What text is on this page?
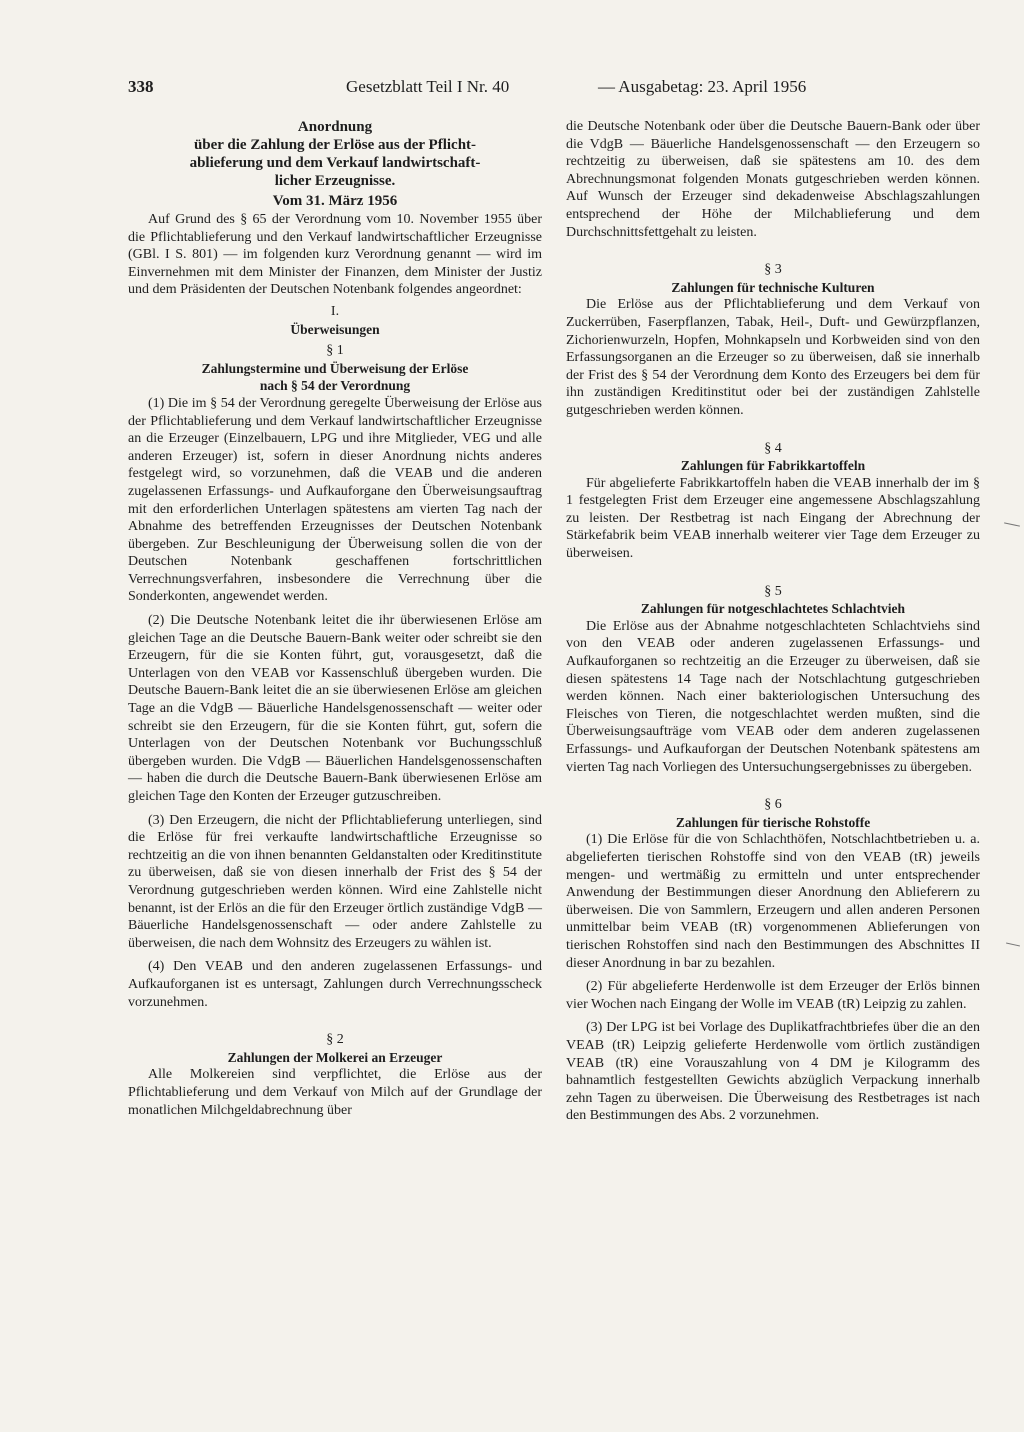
338	Gesetzblatt Teil I Nr. 40	— Ausgabetag: 23. April 1956
Anordnung
über die Zahlung der Erlöse aus der Pflicht-
ablieferung und dem Verkauf landwirtschaft-
licher Erzeugnisse.
Vom 31. März 1956

Auf Grund des § 65 der Verordnung vom 10. November 1955 über die Pflichtablieferung und den Verkauf landwirtschaftlicher Erzeugnisse (GBl. I S. 801) — im folgenden kurz Verordnung genannt — wird im Einvernehmen mit dem Minister der Finanzen, dem Minister der Justiz und dem Präsidenten der Deutschen Notenbank folgendes angeordnet:

I.
Überweisungen
§ 1
Zahlungstermine und Überweisung der Erlöse
nach § 54 der Verordnung

(1) Die im § 54 der Verordnung geregelte Überweisung der Erlöse aus der Pflichtablieferung und dem Verkauf landwirtschaftlicher Erzeugnisse an die Erzeuger (Einzelbauern, LPG und ihre Mitglieder, VEG und alle anderen Erzeuger) ist, sofern in dieser Anordnung nichts anderes festgelegt wird, so vorzunehmen, daß die VEAB und die anderen zugelassenen Erfassungs- und Aufkauforgane den Überweisungsauftrag mit den erforderlichen Unterlagen spätestens am vierten Tag nach der Abnahme des betreffenden Erzeugnisses der Deutschen Notenbank übergeben. Zur Beschleunigung der Überweisung sollen die von der Deutschen Notenbank geschaffenen fortschrittlichen Verrechnungsverfahren, insbesondere die Verrechnung über die Sonderkonten, angewendet werden.

(2) Die Deutsche Notenbank leitet die ihr überwiesenen Erlöse am gleichen Tage an die Deutsche Bauern-Bank weiter oder schreibt sie den Erzeugern, für die sie Konten führt, gut, vorausgesetzt, daß die Unterlagen von den VEAB vor Kassenschluß übergeben wurden. Die Deutsche Bauern-Bank leitet die an sie überwiesenen Erlöse am gleichen Tage an die VdgB — Bäuerliche Handelsgenossenschaft — weiter oder schreibt sie den Erzeugern, für die sie Konten führt, gut, sofern die Unterlagen von der Deutschen Notenbank vor Buchungsschluß übergeben wurden. Die VdgB — Bäuerlichen Handelsgenossenschaften — haben die durch die Deutsche Bauern-Bank überwiesenen Erlöse am gleichen Tage den Konten der Erzeuger gutzuschreiben.

(3) Den Erzeugern, die nicht der Pflichtablieferung unterliegen, sind die Erlöse für frei verkaufte landwirtschaftliche Erzeugnisse so rechtzeitig an die von ihnen benannten Geldanstalten oder Kreditinstitute zu überweisen, daß sie von diesen innerhalb der Frist des § 54 der Verordnung gutgeschrieben werden können. Wird eine Zahlstelle nicht benannt, ist der Erlös an die für den Erzeuger örtlich zuständige VdgB — Bäuerliche Handelsgenossenschaft — oder andere Zahlstelle zu überweisen, die nach dem Wohnsitz des Erzeugers zu wählen ist.

(4) Den VEAB und den anderen zugelassenen Erfassungs- und Aufkauforganen ist es untersagt, Zahlungen durch Verrechnungsscheck vorzunehmen.

§ 2
Zahlungen der Molkerei an Erzeuger

Alle Molkereien sind verpflichtet, die Erlöse aus der Pflichtablieferung und dem Verkauf von Milch auf der Grundlage der monatlichen Milchgeldabrechnung über

die Deutsche Notenbank oder über die Deutsche Bauern-Bank oder über die VdgB — Bäuerliche Handelsgenossenschaft — den Erzeugern so rechtzeitig zu überweisen, daß sie spätestens am 10. des dem Abrechnungsmonat folgenden Monats gutgeschrieben werden können. Auf Wunsch der Erzeuger sind dekadenweise Abschlagszahlungen entsprechend der Höhe der Milchablieferung und dem Durchschnittsfettgehalt zu leisten.

§ 3
Zahlungen für technische Kulturen

Die Erlöse aus der Pflichtablieferung und dem Verkauf von Zuckerrüben, Faserpflanzen, Tabak, Heil-, Duft- und Gewürzpflanzen, Zichorienwurzeln, Hopfen, Mohnkapseln und Korbweiden sind von den Erfassungsorganen an die Erzeuger so zu überweisen, daß sie innerhalb der Frist des § 54 der Verordnung dem Konto des Erzeugers bei dem für ihn zuständigen Kreditinstitut oder bei der zuständigen Zahlstelle gutgeschrieben werden können.

§ 4
Zahlungen für Fabrikkartoffeln

Für abgelieferte Fabrikkartoffeln haben die VEAB innerhalb der im § 1 festgelegten Frist dem Erzeuger eine angemessene Abschlagszahlung zu leisten. Der Restbetrag ist nach Eingang der Abrechnung der Stärkefabrik beim VEAB innerhalb weiterer vier Tage dem Erzeuger zu überweisen.

§ 5
Zahlungen für notgeschlachtetes Schlachtvieh

Die Erlöse aus der Abnahme notgeschlachteten Schlachtviehs sind von den VEAB oder anderen zugelassenen Erfassungs- und Aufkauforganen so rechtzeitig an die Erzeuger zu überweisen, daß sie diesen spätestens 14 Tage nach der Notschlachtung gutgeschrieben werden können. Nach einer bakteriologischen Untersuchung des Fleisches von Tieren, die notgeschlachtet werden mußten, sind die Überweisungsaufträge vom VEAB oder dem anderen zugelassenen Erfassungs- und Aufkauforgan der Deutschen Notenbank spätestens am vierten Tag nach Vorliegen des Untersuchungsergebnisses zu übergeben.

§ 6
Zahlungen für tierische Rohstoffe

(1) Die Erlöse für die von Schlachthöfen, Notschlachtbetrieben u. a. abgelieferten tierischen Rohstoffe sind von den VEAB (tR) jeweils mengen- und wertmäßig zu ermitteln und unter entsprechender Anwendung der Bestimmungen dieser Anordnung den Ablieferern zu überweisen. Die von Sammlern, Erzeugern und allen anderen Personen unmittelbar beim VEAB (tR) vorgenommenen Ablieferungen von tierischen Rohstoffen sind nach den Bestimmungen des Abschnittes II dieser Anordnung in bar zu bezahlen.

(2) Für abgelieferte Herdenwolle ist dem Erzeuger der Erlös binnen vier Wochen nach Eingang der Wolle im VEAB (tR) Leipzig zu zahlen.

(3) Der LPG ist bei Vorlage des Duplikatfrachtbriefes über die an den VEAB (tR) Leipzig gelieferte Herdenwolle vom örtlich zuständigen VEAB (tR) eine Vorauszahlung von 4 DM je Kilogramm des bahnamtlich festgestellten Gewichts abzüglich Verpackung innerhalb zehn Tagen zu überweisen. Die Überweisung des Restbetrages ist nach den Bestimmungen des Abs. 2 vorzunehmen.
